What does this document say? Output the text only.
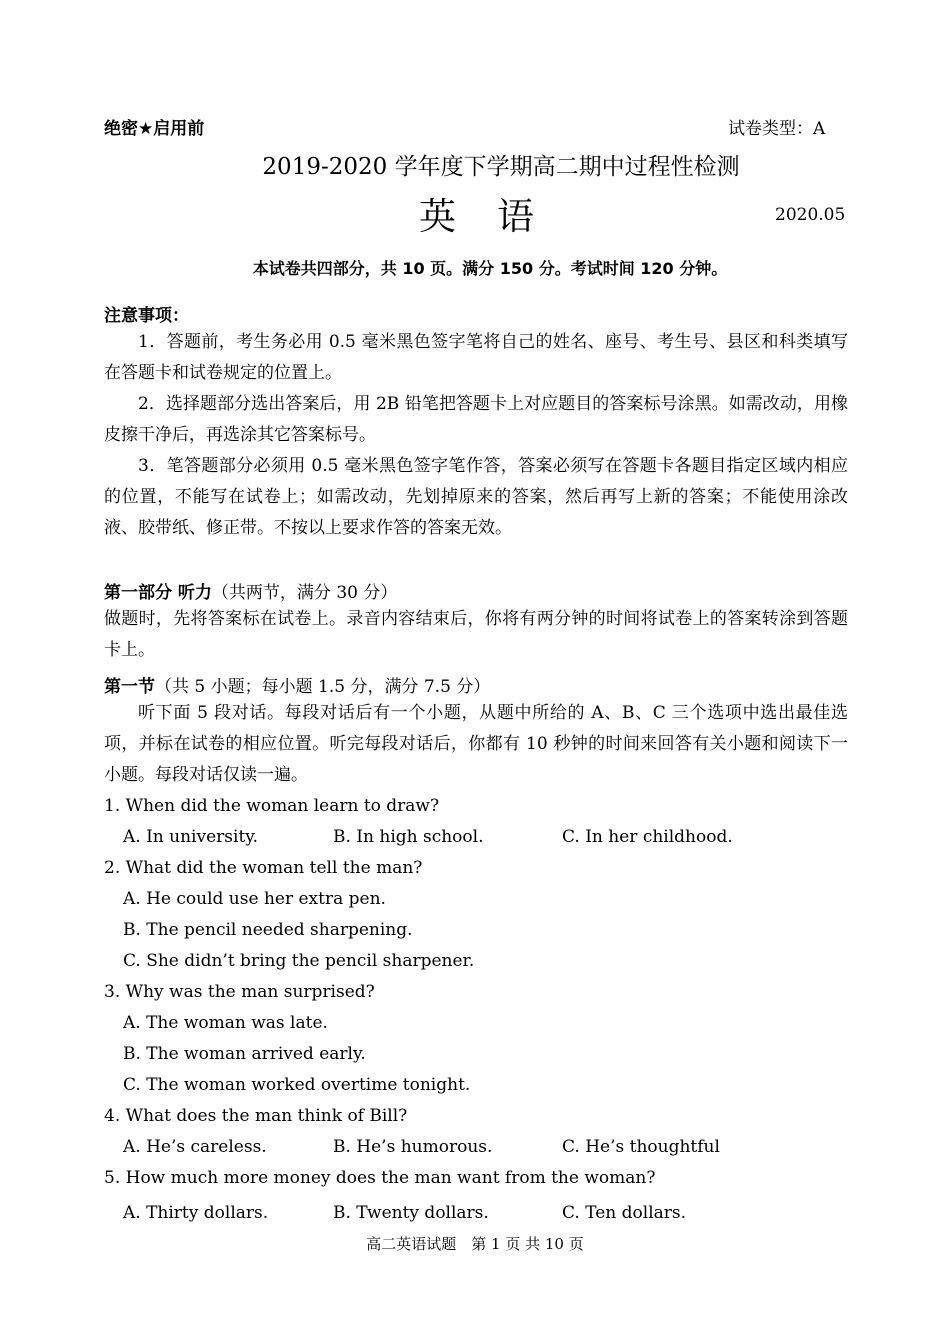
绝密★启用前	试卷类型：A
2019-2020 学年度下学期高二期中过程性检测
英　语	2020.05
本试卷共四部分，共 10 页。满分 150 分。考试时间 120 分钟。
注意事项：
1．答题前，考生务必用 0.5 毫米黑色签字笔将自己的姓名、座号、考生号、县区和科类填写在答题卡和试卷规定的位置上。
2．选择题部分选出答案后，用 2B 铅笔把答题卡上对应题目的答案标号涂黑。如需改动，用橡皮擦干净后，再选涂其它答案标号。
3．笔答题部分必须用 0.5 毫米黑色签字笔作答，答案必须写在答题卡各题目指定区域内相应的位置，不能写在试卷上；如需改动，先划掉原来的答案，然后再写上新的答案；不能使用涂改液、胶带纸、修正带。不按以上要求作答的答案无效。
第一部分 听力（共两节，满分 30 分）
做题时，先将答案标在试卷上。录音内容结束后，你将有两分钟的时间将试卷上的答案转涂到答题卡上。
第一节（共 5 小题；每小题 1.5 分，满分 7.5 分）
听下面 5 段对话。每段对话后有一个小题，从题中所给的 A、B、C 三个选项中选出最佳选项，并标在试卷的相应位置。听完每段对话后，你都有 10 秒钟的时间来回答有关小题和阅读下一小题。每段对话仅读一遍。
1. When did the woman learn to draw?
A. In university.	B. In high school.	C. In her childhood.
2. What did the woman tell the man?
A. He could use her extra pen.
B. The pencil needed sharpening.
C. She didn’t bring the pencil sharpener.
3. Why was the man surprised?
A. The woman was late.
B. The woman arrived early.
C. The woman worked overtime tonight.
4. What does the man think of Bill?
A. He’s careless.	B. He’s humorous.	C. He’s thoughtful
5. How much more money does the man want from the woman?
A. Thirty dollars.	B. Twenty dollars.	C. Ten dollars.
高二英语试题　第 1 页 共 10 页
